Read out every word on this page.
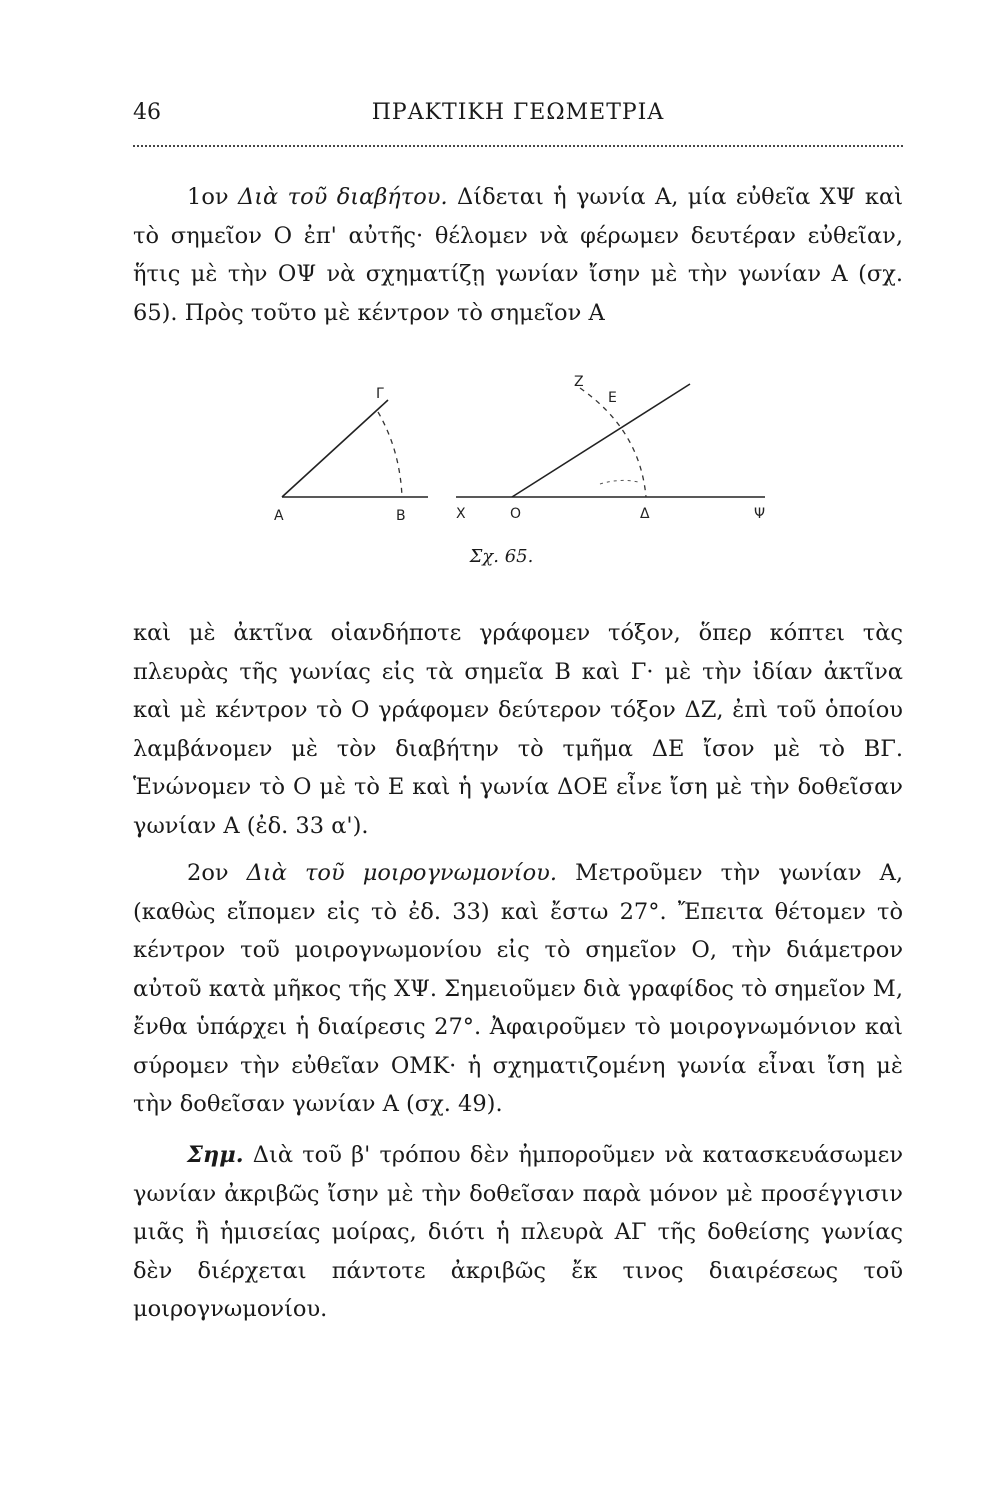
46	ΠΡΑΚΤΙΚΗ ΓΕΩΜΕΤΡΙΑ

1ον Διὰ τοῦ διαβήτου. Δίδεται ἡ γωνία Α, μία εὐθεῖα ΧΨ καὶ τὸ σημεῖον Ο ἐπ' αὐτῆς· θέλομεν νὰ φέρωμεν δευτέραν εὐθεῖαν, ἥτις μὲ τὴν ΟΨ νὰ σχηματίζῃ γωνίαν ἴσην μὲ τὴν γωνίαν Α (σχ. 65). Πρὸς τοῦτο μὲ κέντρον τὸ σημεῖον Α

Α	Β
Γ
Χ	Ο	Δ	Ψ
Ζ
Ε
Σχ. 65.

καὶ μὲ ἀκτῖνα οἱανδήποτε γράφομεν τόξον, ὅπερ κόπτει τὰς πλευρὰς τῆς γωνίας εἰς τὰ σημεῖα Β καὶ Γ· μὲ τὴν ἰδίαν ἀκτῖνα καὶ μὲ κέντρον τὸ Ο γράφομεν δεύτερον τόξον ΔΖ, ἐπὶ τοῦ ὁποίου λαμβάνομεν μὲ τὸν διαβήτην τὸ τμῆμα ΔΕ ἴσον μὲ τὸ ΒΓ. Ἑνώνομεν τὸ Ο μὲ τὸ Ε καὶ ἡ γωνία ΔΟΕ εἶνε ἴση μὲ τὴν δοθεῖσαν γωνίαν Α (ἐδ. 33 α').

2ον Διὰ τοῦ μοιρογνωμονίου. Μετροῦμεν τὴν γωνίαν Α, (καθὼς εἴπομεν εἰς τὸ ἐδ. 33) καὶ ἔστω 27°. Ἔπειτα θέτομεν τὸ κέντρον τοῦ μοιρογνωμονίου εἰς τὸ σημεῖον Ο, τὴν διάμετρον αὐτοῦ κατὰ μῆκος τῆς ΧΨ. Σημειοῦμεν διὰ γραφίδος τὸ σημεῖον Μ, ἔνθα ὑπάρχει ἡ διαίρεσις 27°. Ἀφαιροῦμεν τὸ μοιρογνωμόνιον καὶ σύρομεν τὴν εὐθεῖαν ΟΜΚ· ἡ σχηματιζομένη γωνία εἶναι ἴση μὲ τὴν δοθεῖσαν γωνίαν Α (σχ. 49).

Σημ. Διὰ τοῦ β' τρόπου δὲν ἠμποροῦμεν νὰ κατασκευάσωμεν γωνίαν ἀκριβῶς ἴσην μὲ τὴν δοθεῖσαν παρὰ μόνον μὲ προσέγγισιν μιᾶς ἢ ἡμισείας μοίρας, διότι ἡ πλευρὰ ΑΓ τῆς δοθείσης γωνίας δὲν διέρχεται πάντοτε ἀκριβῶς ἔκ τινος διαιρέσεως τοῦ μοιρογνωμονίου.
